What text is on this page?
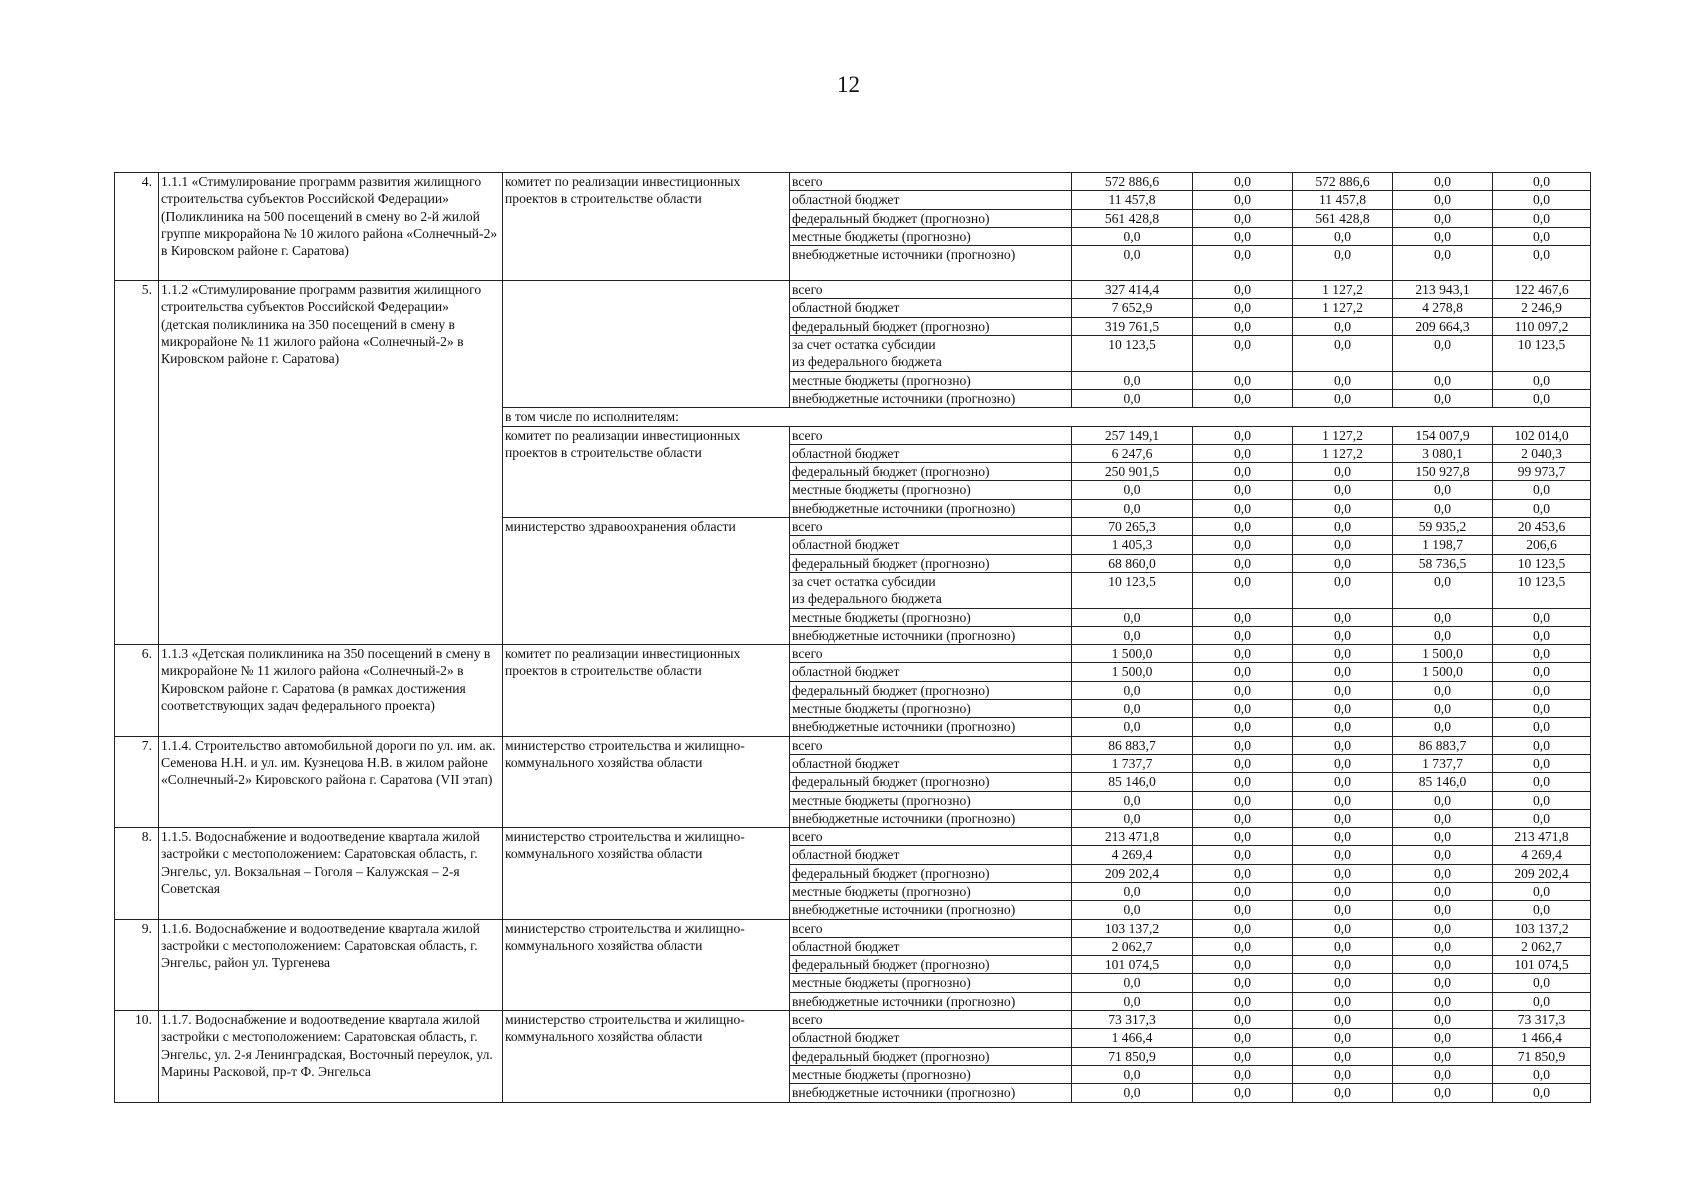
12
4.	1.1.1 «Стимулирование программ развития жилищного строительства субъектов Российской Федерации» (Поликлиника на 500 посещений в смену во 2-й жилой группе микрорайона № 10 жилого района «Солнечный-2» в Кировском районе г. Саратова)	комитет по реализации инвестиционных проектов в строительстве области	всего	572 886,6	0,0	572 886,6	0,0	0,0
			областной бюджет	11 457,8	0,0	11 457,8	0,0	0,0
			федеральный бюджет (прогнозно)	561 428,8	0,0	561 428,8	0,0	0,0
			местные бюджеты (прогнозно)	0,0	0,0	0,0	0,0	0,0
			внебюджетные источники (прогнозно)	0,0	0,0	0,0	0,0	0,0
5.	1.1.2 «Стимулирование программ развития жилищного строительства субъектов Российской Федерации» (детская поликлиника на 350 посещений в смену в микрорайоне № 11 жилого района «Солнечный-2» в Кировском районе г. Саратова)		всего	327 414,4	0,0	1 127,2	213 943,1	122 467,6
			областной бюджет	7 652,9	0,0	1 127,2	4 278,8	2 246,9
			федеральный бюджет (прогнозно)	319 761,5	0,0	0,0	209 664,3	110 097,2
			за счет остатка субсидии
из федерального бюджета	10 123,5	0,0	0,0	0,0	10 123,5
			местные бюджеты (прогнозно)	0,0	0,0	0,0	0,0	0,0
			внебюджетные источники (прогнозно)	0,0	0,0	0,0	0,0	0,0
		в том числе по исполнителям:						
		комитет по реализации инвестиционных проектов в строительстве области	всего	257 149,1	0,0	1 127,2	154 007,9	102 014,0
			областной бюджет	6 247,6	0,0	1 127,2	3 080,1	2 040,3
			федеральный бюджет (прогнозно)	250 901,5	0,0	0,0	150 927,8	99 973,7
			местные бюджеты (прогнозно)	0,0	0,0	0,0	0,0	0,0
			внебюджетные источники (прогнозно)	0,0	0,0	0,0	0,0	0,0
		министерство здравоохранения области	всего	70 265,3	0,0	0,0	59 935,2	20 453,6
			областной бюджет	1 405,3	0,0	0,0	1 198,7	206,6
			федеральный бюджет (прогнозно)	68 860,0	0,0	0,0	58 736,5	10 123,5
			за счет остатка субсидии
из федерального бюджета	10 123,5	0,0	0,0	0,0	10 123,5
			местные бюджеты (прогнозно)	0,0	0,0	0,0	0,0	0,0
			внебюджетные источники (прогнозно)	0,0	0,0	0,0	0,0	0,0
6.	1.1.3 «Детская поликлиника на 350 посещений в смену в микрорайоне № 11 жилого района «Солнечный-2» в Кировском районе г. Саратова (в рамках достижения соответствующих задач федерального проекта)	комитет по реализации инвестиционных проектов в строительстве области	всего	1 500,0	0,0	0,0	1 500,0	0,0
			областной бюджет	1 500,0	0,0	0,0	1 500,0	0,0
			федеральный бюджет (прогнозно)	0,0	0,0	0,0	0,0	0,0
			местные бюджеты (прогнозно)	0,0	0,0	0,0	0,0	0,0
			внебюджетные источники (прогнозно)	0,0	0,0	0,0	0,0	0,0
7.	1.1.4. Строительство автомобильной дороги по ул. им. ак. Семенова Н.Н. и ул. им. Кузнецова Н.В. в жилом районе «Солнечный-2» Кировского района г. Саратова (VII этап)	министерство строительства и жилищно-коммунального хозяйства области	всего	86 883,7	0,0	0,0	86 883,7	0,0
			областной бюджет	1 737,7	0,0	0,0	1 737,7	0,0
			федеральный бюджет (прогнозно)	85 146,0	0,0	0,0	85 146,0	0,0
			местные бюджеты (прогнозно)	0,0	0,0	0,0	0,0	0,0
			внебюджетные источники (прогнозно)	0,0	0,0	0,0	0,0	0,0
8.	1.1.5. Водоснабжение и водоотведение квартала жилой застройки с местоположением: Саратовская область, г. Энгельс, ул. Вокзальная – Гоголя – Калужская – 2-я Советская	министерство строительства и жилищно-коммунального хозяйства области	всего	213 471,8	0,0	0,0	0,0	213 471,8
			областной бюджет	4 269,4	0,0	0,0	0,0	4 269,4
			федеральный бюджет (прогнозно)	209 202,4	0,0	0,0	0,0	209 202,4
			местные бюджеты (прогнозно)	0,0	0,0	0,0	0,0	0,0
			внебюджетные источники (прогнозно)	0,0	0,0	0,0	0,0	0,0
9.	1.1.6. Водоснабжение и водоотведение квартала жилой застройки с местоположением: Саратовская область, г. Энгельс, район ул. Тургенева	министерство строительства и жилищно-коммунального хозяйства области	всего	103 137,2	0,0	0,0	0,0	103 137,2
			областной бюджет	2 062,7	0,0	0,0	0,0	2 062,7
			федеральный бюджет (прогнозно)	101 074,5	0,0	0,0	0,0	101 074,5
			местные бюджеты (прогнозно)	0,0	0,0	0,0	0,0	0,0
			внебюджетные источники (прогнозно)	0,0	0,0	0,0	0,0	0,0
10.	1.1.7. Водоснабжение и водоотведение квартала жилой застройки с местоположением: Саратовская область, г. Энгельс, ул. 2-я Ленинградская, Восточный переулок, ул. Марины Расковой, пр-т Ф. Энгельса	министерство строительства и жилищно-коммунального хозяйства области	всего	73 317,3	0,0	0,0	0,0	73 317,3
			областной бюджет	1 466,4	0,0	0,0	0,0	1 466,4
			федеральный бюджет (прогнозно)	71 850,9	0,0	0,0	0,0	71 850,9
			местные бюджеты (прогнозно)	0,0	0,0	0,0	0,0	0,0
			внебюджетные источники (прогнозно)	0,0	0,0	0,0	0,0	0,0
